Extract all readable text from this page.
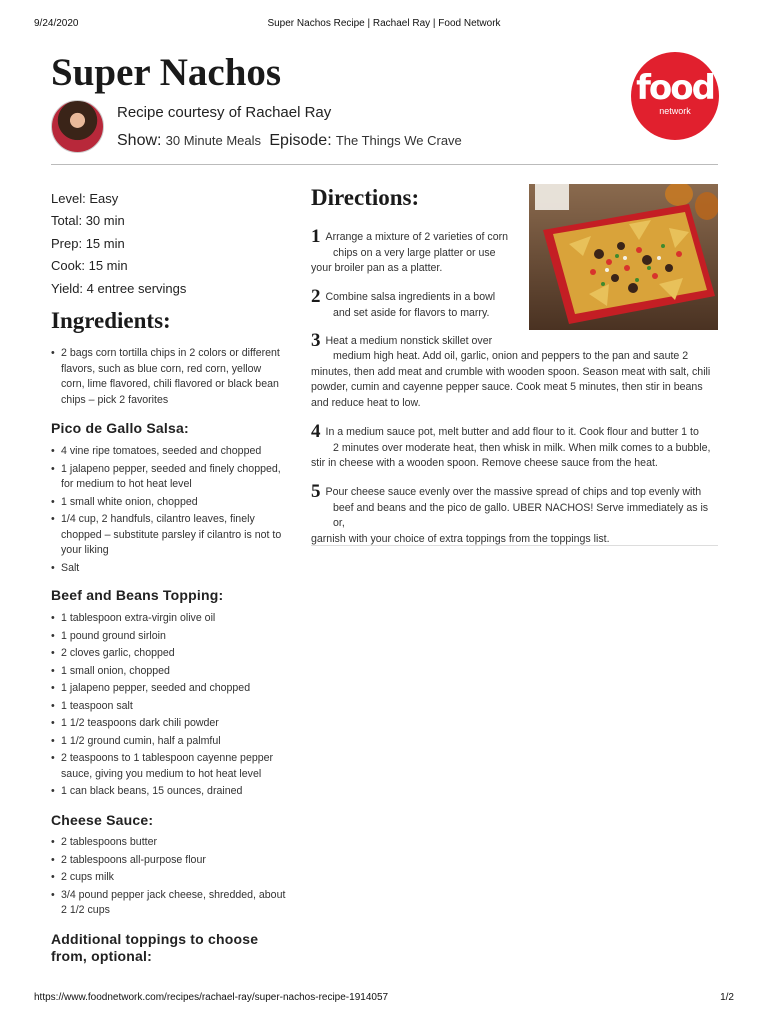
9/24/2020	Super Nachos Recipe | Rachael Ray | Food Network
Super Nachos
Recipe courtesy of Rachael Ray
Show: 30 Minute Meals Episode: The Things We Crave
food
network
Level: Easy
Total: 30 min
Prep: 15 min
Cook: 15 min
Yield: 4 entree servings
Ingredients:
• 2 bags corn tortilla chips in 2 colors or different flavors, such as blue corn, red corn, yellow corn, lime flavored, chili flavored or black bean chips – pick 2 favorites
Pico de Gallo Salsa:
• 4 vine ripe tomatoes, seeded and chopped
• 1 jalapeno pepper, seeded and finely chopped, for medium to hot heat level
• 1 small white onion, chopped
• 1/4 cup, 2 handfuls, cilantro leaves, finely chopped – substitute parsley if cilantro is not to your liking
• Salt
Beef and Beans Topping:
• 1 tablespoon extra-virgin olive oil
• 1 pound ground sirloin
• 2 cloves garlic, chopped
• 1 small onion, chopped
• 1 jalapeno pepper, seeded and chopped
• 1 teaspoon salt
• 1 1/2 teaspoons dark chili powder
• 1 1/2 ground cumin, half a palmful
• 2 teaspoons to 1 tablespoon cayenne pepper sauce, giving you medium to hot heat level
• 1 can black beans, 15 ounces, drained
Cheese Sauce:
• 2 tablespoons butter
• 2 tablespoons all-purpose flour
• 2 cups milk
• 3/4 pound pepper jack cheese, shredded, about 2 1/2 cups
Additional toppings to choose from, optional:
Directions:
1 Arrange a mixture of 2 varieties of corn
chips on a very large platter or use
your broiler pan as a platter.
2 Combine salsa ingredients in a bowl
and set aside for flavors to marry.
3 Heat a medium nonstick skillet over
medium high heat. Add oil, garlic, onion and peppers to the pan and saute 2
minutes, then add meat and crumble with wooden spoon. Season meat with salt, chili powder, cumin and cayenne pepper sauce. Cook meat 5 minutes, then stir in beans and reduce heat to low.
4 In a medium sauce pot, melt butter and add flour to it. Cook flour and butter 1 to
2 minutes over moderate heat, then whisk in milk. When milk comes to a bubble,
stir in cheese with a wooden spoon. Remove cheese sauce from the heat.
5 Pour cheese sauce evenly over the massive spread of chips and top evenly with
beef and beans and the pico de gallo. UBER NACHOS! Serve immediately as is or,
garnish with your choice of extra toppings from the toppings list.
https://www.foodnetwork.com/recipes/rachael-ray/super-nachos-recipe-1914057	1/2
